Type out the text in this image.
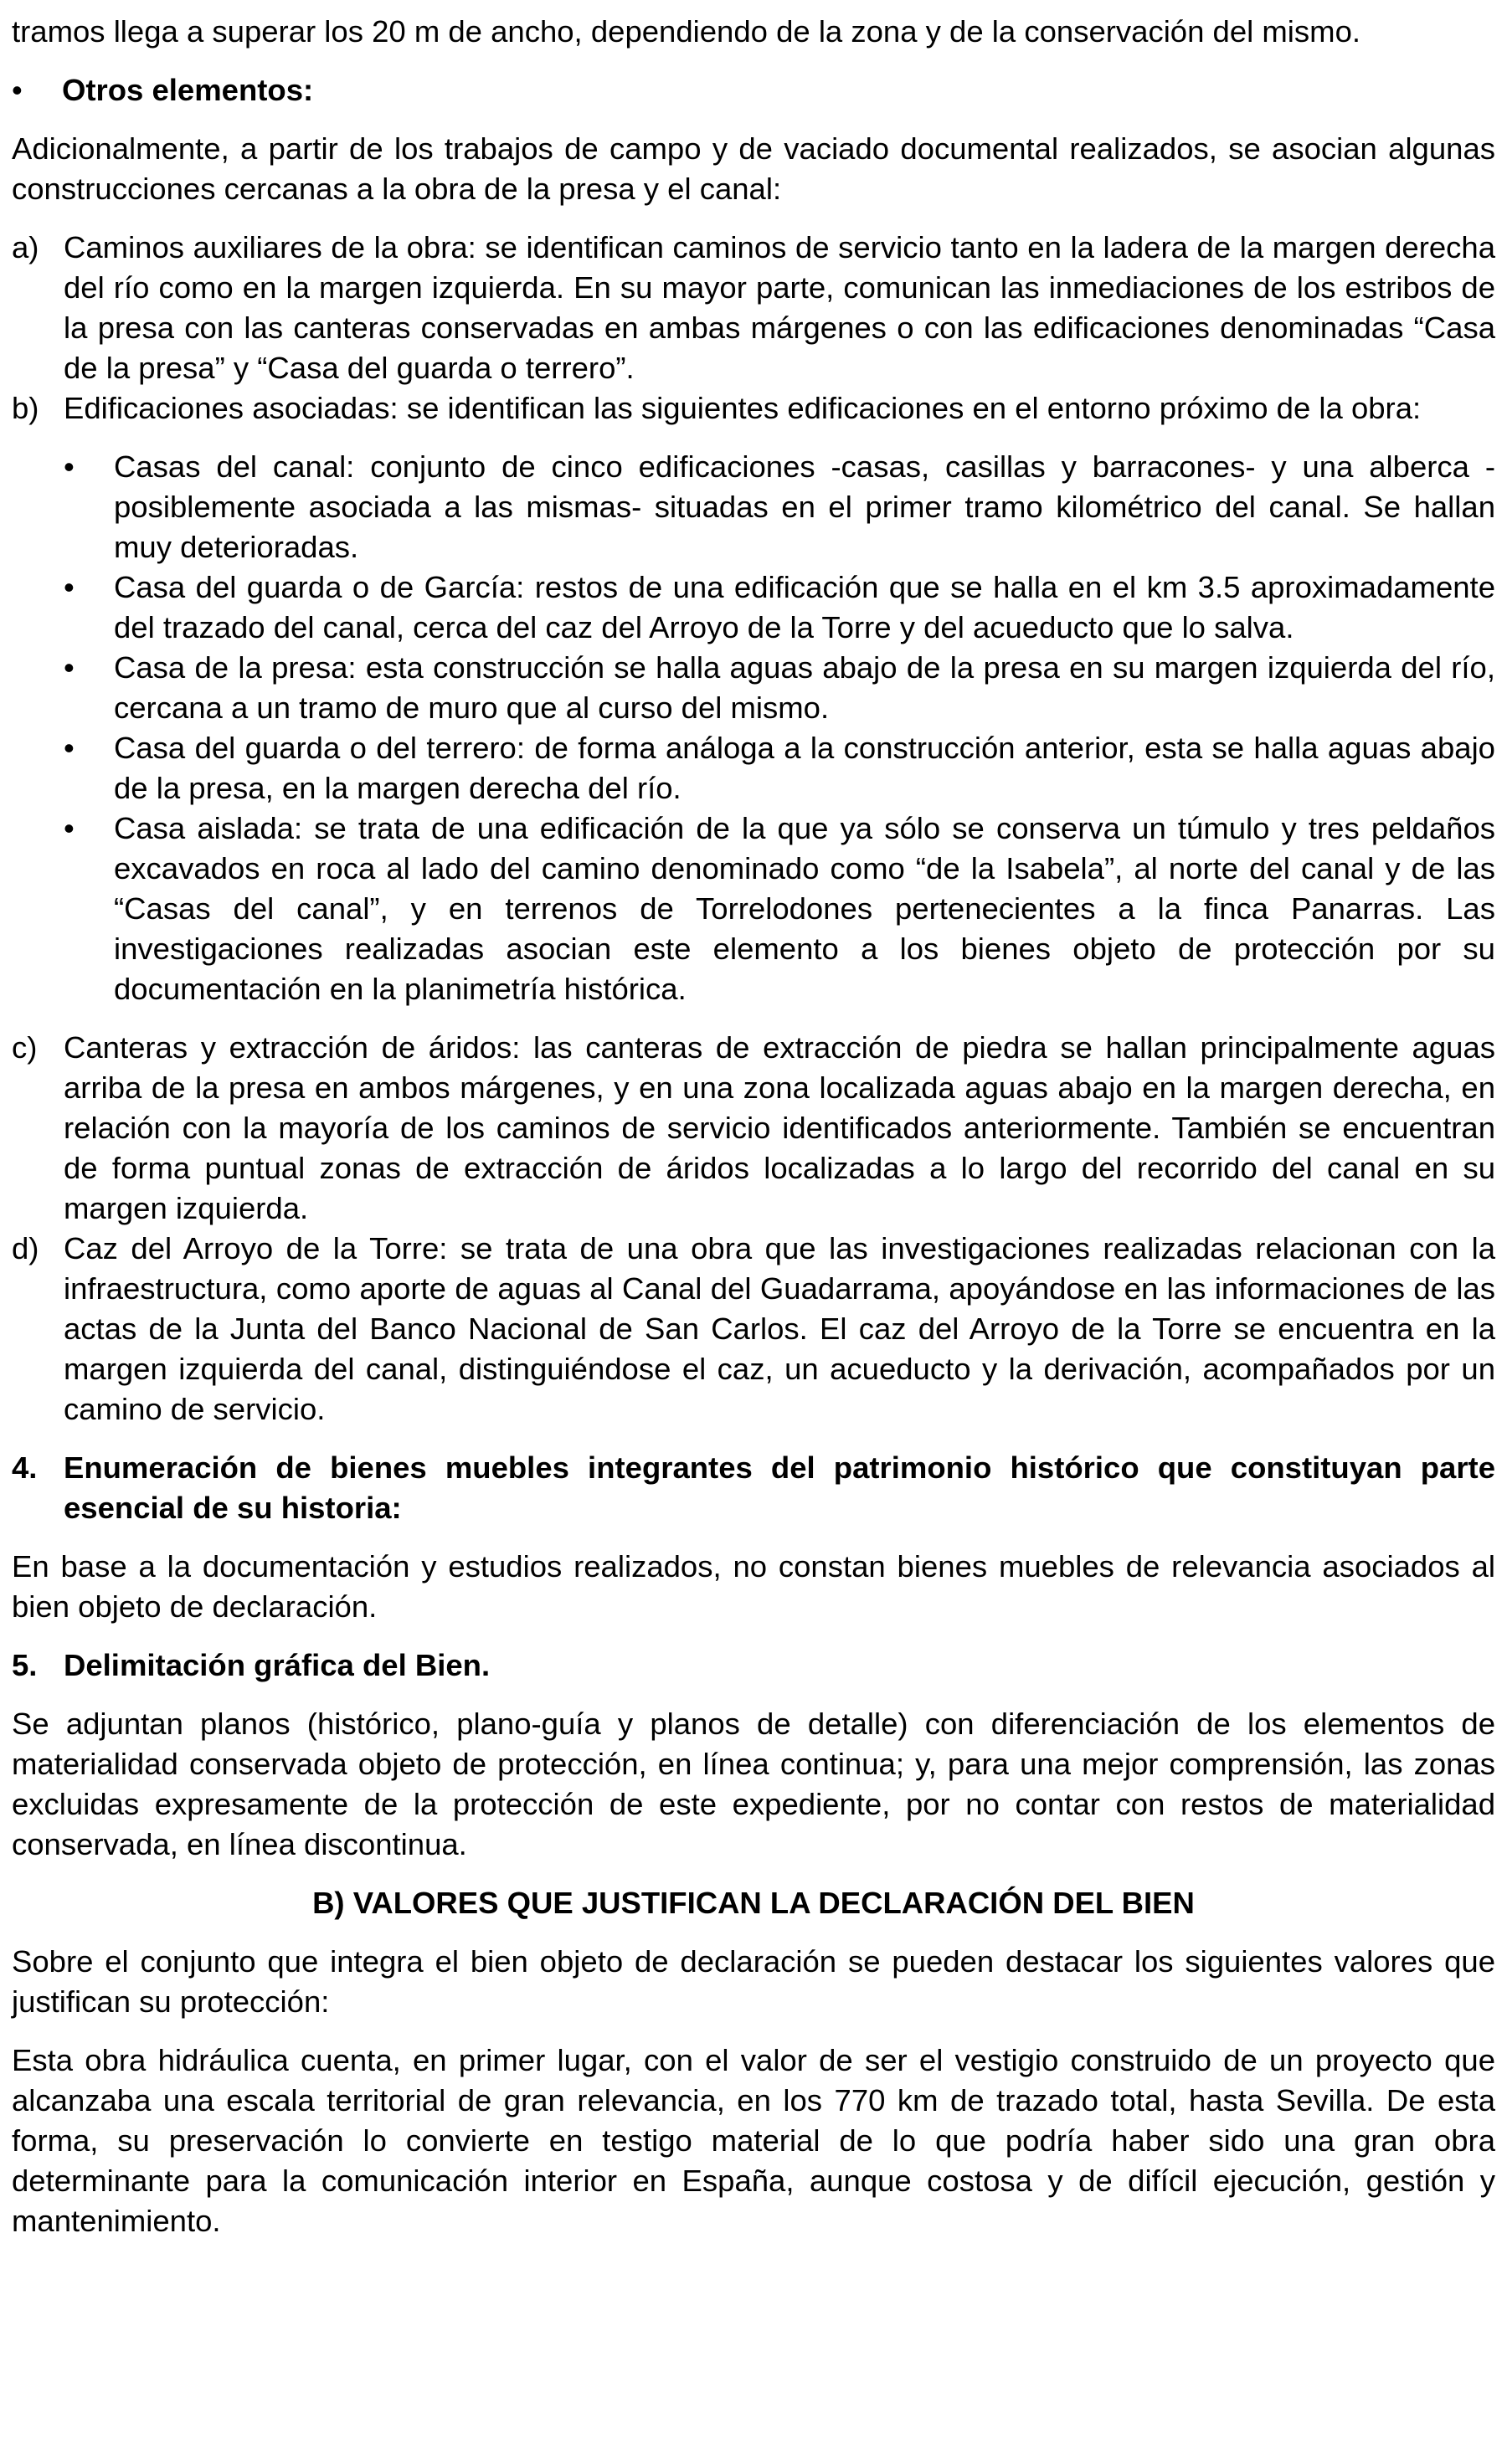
tramos llega a superar los 20 m de ancho, dependiendo de la zona y de la conservación del mismo.

•	Otros elementos:

Adicionalmente, a partir de los trabajos de campo y de vaciado documental realizados, se asocian algunas construcciones cercanas a la obra de la presa y el canal:

a) Caminos auxiliares de la obra: se identifican caminos de servicio tanto en la ladera de la margen derecha del río como en la margen izquierda. En su mayor parte, comunican las inmediaciones de los estribos de la presa con las canteras conservadas en ambas márgenes o con las edificaciones denominadas “Casa de la presa” y “Casa del guarda o terrero”.
b) Edificaciones asociadas: se identifican las siguientes edificaciones en el entorno próximo de la obra:
•	Casas del canal: conjunto de cinco edificaciones -casas, casillas y barracones- y una alberca -posiblemente asociada a las mismas- situadas en el primer tramo kilométrico del canal. Se hallan muy deterioradas.
•	Casa del guarda o de García: restos de una edificación que se halla en el km 3.5 aproximadamente del trazado del canal, cerca del caz del Arroyo de la Torre y del acueducto que lo salva.
•	Casa de la presa: esta construcción se halla aguas abajo de la presa en su margen izquierda del río, cercana a un tramo de muro que al curso del mismo.
•	Casa del guarda o del terrero: de forma análoga a la construcción anterior, esta se halla aguas abajo de la presa, en la margen derecha del río.
•	Casa aislada: se trata de una edificación de la que ya sólo se conserva un túmulo y tres peldaños excavados en roca al lado del camino denominado como “de la Isabela”, al norte del canal y de las “Casas del canal”, y en terrenos de Torrelodones pertenecientes a la finca Panarras. Las investigaciones realizadas asocian este elemento a los bienes objeto de protección por su documentación en la planimetría histórica.
c) Canteras y extracción de áridos: las canteras de extracción de piedra se hallan principalmente aguas arriba de la presa en ambos márgenes, y en una zona localizada aguas abajo en la margen derecha, en relación con la mayoría de los caminos de servicio identificados anteriormente. También se encuentran de forma puntual zonas de extracción de áridos localizadas a lo largo del recorrido del canal en su margen izquierda.
d) Caz del Arroyo de la Torre: se trata de una obra que las investigaciones realizadas relacionan con la infraestructura, como aporte de aguas al Canal del Guadarrama, apoyándose en las informaciones de las actas de la Junta del Banco Nacional de San Carlos. El caz del Arroyo de la Torre se encuentra en la margen izquierda del canal, distinguiéndose el caz, un acueducto y la derivación, acompañados por un camino de servicio.
4. Enumeración de bienes muebles integrantes del patrimonio histórico que constituyan parte esencial de su historia:

En base a la documentación y estudios realizados, no constan bienes muebles de relevancia asociados al bien objeto de declaración.

5. Delimitación gráfica del Bien.

Se adjuntan planos (histórico, plano-guía y planos de detalle) con diferenciación de los elementos de materialidad conservada objeto de protección, en línea continua; y, para una mejor comprensión, las zonas excluidas expresamente de la protección de este expediente, por no contar con restos de materialidad conservada, en línea discontinua.

B) VALORES QUE JUSTIFICAN LA DECLARACIÓN DEL BIEN

Sobre el conjunto que integra el bien objeto de declaración se pueden destacar los siguientes valores que justifican su protección:

Esta obra hidráulica cuenta, en primer lugar, con el valor de ser el vestigio construido de un proyecto que alcanzaba una escala territorial de gran relevancia, en los 770 km de trazado total, hasta Sevilla. De esta forma, su preservación lo convierte en testigo material de lo que podría haber sido una gran obra determinante para la comunicación interior en España, aunque costosa y de difícil ejecución, gestión y mantenimiento.
